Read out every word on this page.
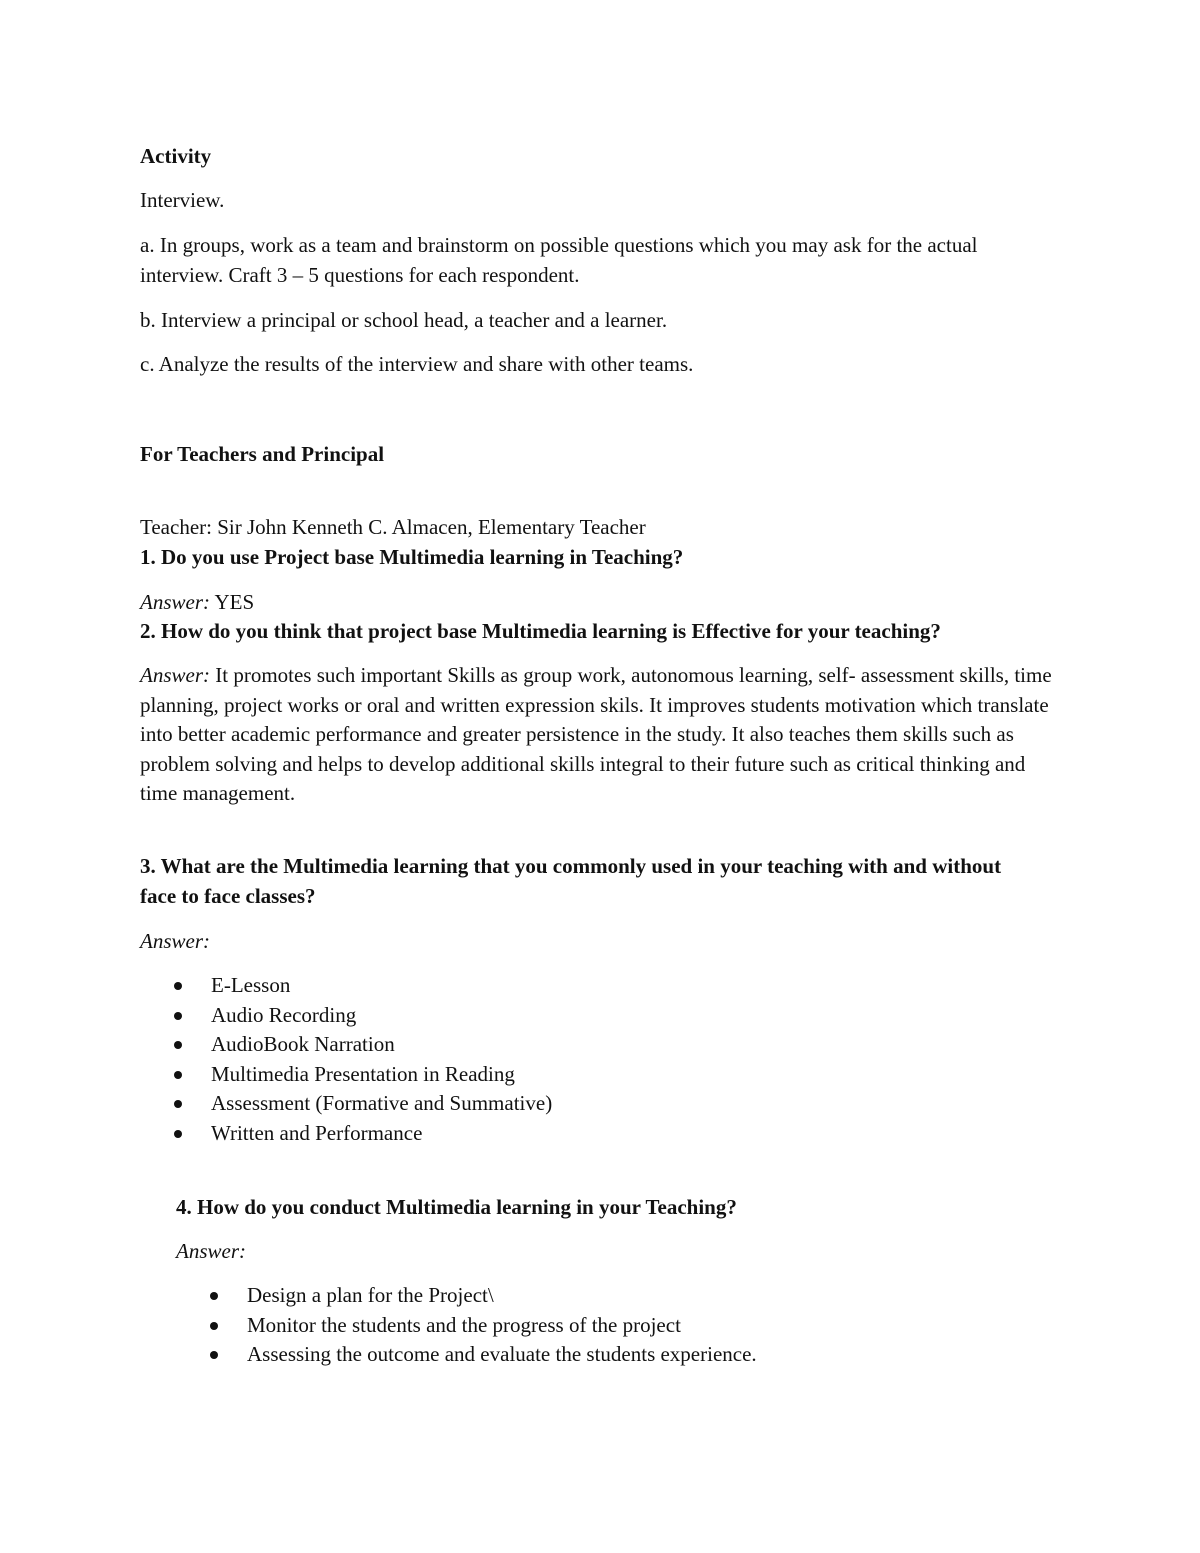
Activity

Interview.

a. In groups, work as a team and brainstorm on possible questions which you may ask for the actual interview. Craft 3 – 5 questions for each respondent.

b. Interview a principal or school head, a teacher and a learner.

c. Analyze the results of the interview and share with other teams.

For Teachers and Principal

Teacher: Sir John Kenneth C. Almacen, Elementary Teacher

1. Do you use Project base Multimedia learning in Teaching?

Answer: YES

2. How do you think that project base Multimedia learning is Effective for your teaching?

Answer: It promotes such important Skills as group work, autonomous learning, self- assessment skills, time planning, project works or oral and written expression skils. It improves students motivation which translate into better academic performance and greater persistence in the study. It also teaches them skills such as problem solving and helps to develop additional skills integral to their future such as critical thinking and time management.

3. What are the Multimedia learning that you commonly used in your teaching with and without face to face classes?

Answer:

E-Lesson
Audio Recording
AudioBook Narration
Multimedia Presentation in Reading
Assessment (Formative and Summative)
Written and Performance

4. How do you conduct Multimedia learning in your Teaching?

Answer:

Design a plan for the Project\
Monitor the students and the progress of the project
Assessing the outcome and evaluate the students experience.
